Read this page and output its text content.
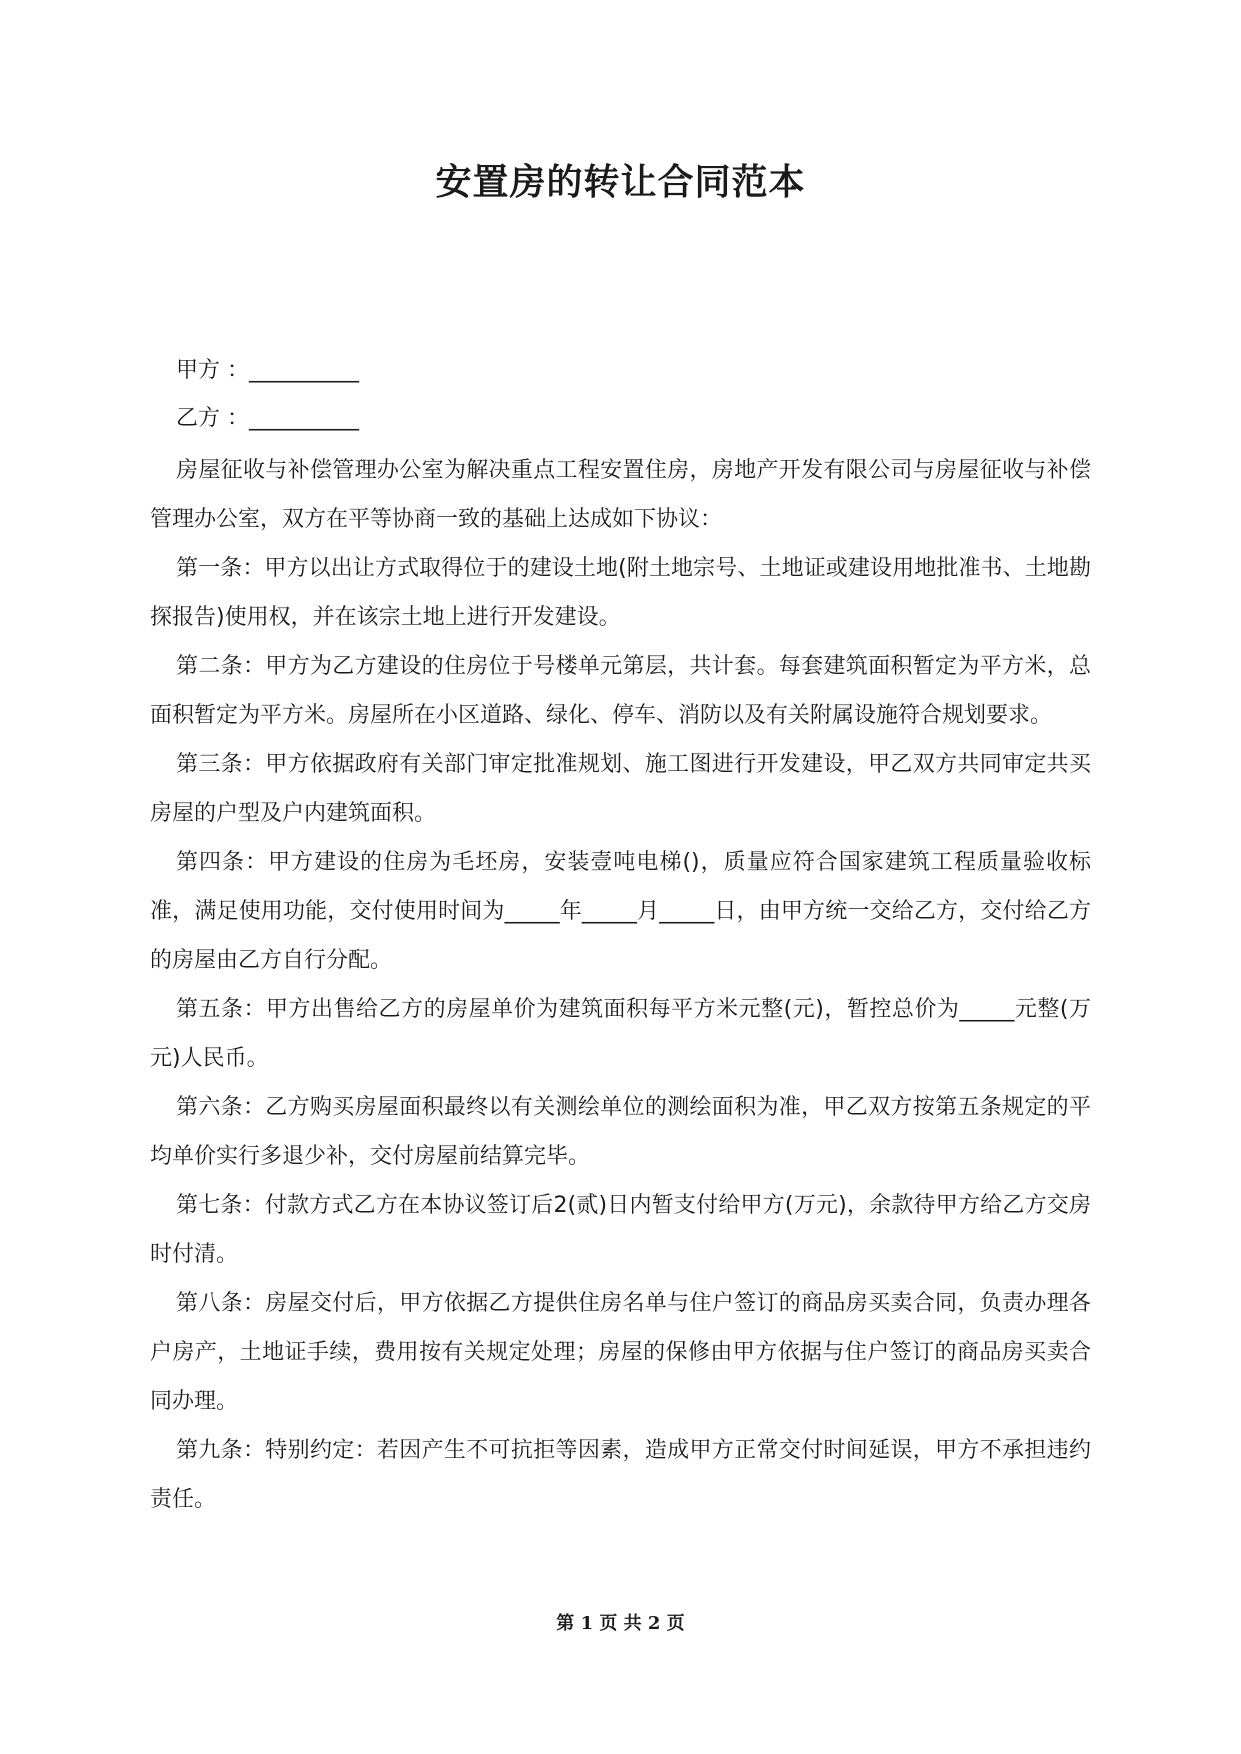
安置房的转让合同范本
甲方 ：__________
乙方 ：__________

房屋征收与补偿管理办公室为解决重点工程安置住房，房地产开发有限公司与房屋征收与补偿管理办公室，双方在平等协商一致的基础上达成如下协议：

第一条：甲方以出让方式取得位于的建设土地(附土地宗号、土地证或建设用地批准书、土地勘探报告)使用权，并在该宗土地上进行开发建设。

第二条：甲方为乙方建设的住房位于号楼单元第层，共计套。每套建筑面积暂定为平方米，总面积暂定为平方米。房屋所在小区道路、绿化、停车、消防以及有关附属设施符合规划要求。

第三条：甲方依据政府有关部门审定批准规划、施工图进行开发建设，甲乙双方共同审定共买房屋的户型及户内建筑面积。

第四条：甲方建设的住房为毛坯房，安装壹吨电梯()，质量应符合国家建筑工程质量验收标准，满足使用功能，交付使用时间为_____年_____月_____日，由甲方统一交给乙方，交付给乙方的房屋由乙方自行分配。

第五条：甲方出售给乙方的房屋单价为建筑面积每平方米元整(元)，暂控总价为_____元整(万元)人民币。

第六条：乙方购买房屋面积最终以有关测绘单位的测绘面积为准，甲乙双方按第五条规定的平均单价实行多退少补，交付房屋前结算完毕。

第七条：付款方式乙方在本协议签订后2(贰)日内暂支付给甲方(万元)，余款待甲方给乙方交房时付清。

第八条：房屋交付后，甲方依据乙方提供住房名单与住户签订的商品房买卖合同，负责办理各户房产，土地证手续，费用按有关规定处理；房屋的保修由甲方依据与住户签订的商品房买卖合同办理。

第九条：特别约定：若因产生不可抗拒等因素，造成甲方正常交付时间延误，甲方不承担违约责任。

第 1 页 共 2 页
